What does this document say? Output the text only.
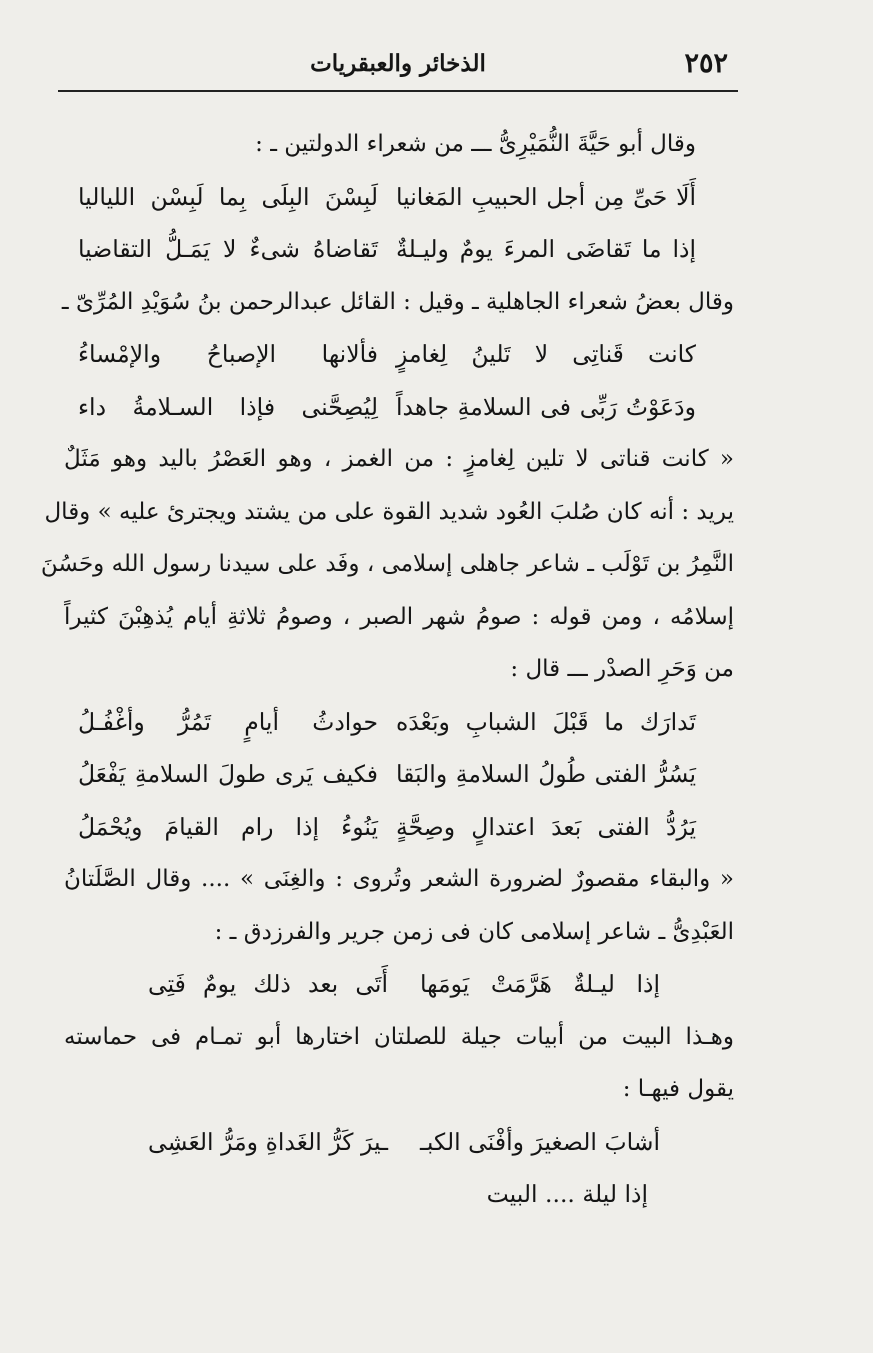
٢٥٢
الذخائر والعبقريات
وقال أبو حَيَّةَ النُّمَيْرِىُّ ـــ من شعراء الدولتين ـ :
أَلَا حَىِّ مِن أجل الحبيبِ المَغانيا
لَبِسْنَ البِلَى بِما لَبِسْن اللياليا
إذا ما تَقاضَى المرءَ يومٌ وليـلةٌ
تَقاضاهُ شىءٌ لا يَمَـلُّ التقاضيا
وقال بعضُ شعراء الجاهلية ـ وقيل : القائل عبدالرحمن بنُ سُوَيْدِ المُرِّىّ ـ
كانت قَناتِى لا تَلينُ لِغامزٍ
فألانها الإصباحُ والإمْساءُ
ودَعَوْتُ رَبِّى فى السلامةِ جاهداً
لِيُصِحَّنى فإذا السـلامةُ داء
« كانت قناتى لا تلين لِغامزٍ : من الغمز ، وهو العَصْرُ باليد وهو مَثَلٌ
يريد : أنه كان صُلبَ العُود شديد القوة على من يشتد ويجترئ عليه » وقال
النَّمِرُ بن تَوْلَب ـ شاعر جاهلى إسلامى ، وفَد على سيدنا رسول الله وحَسُنَ
إسلامُه ، ومن قوله : صومُ شهر الصبر ، وصومُ ثلاثةِ أيام يُذهِبْنَ كثيراً
من وَحَرِ الصدْر ـــ قال :
تَدارَك ما قَبْلَ الشبابِ وبَعْدَه
حوادثُ أيامٍ تَمُرُّ وأغْفُـلُ
يَسُرُّ الفتى طُولُ السلامةِ والبَقا
فكيف يَرى طولَ السلامةِ يَفْعَلُ
يَرُدُّ الفتى بَعدَ اعتدالٍ وصِحَّةٍ
يَنُوءُ إذا رام القيامَ ويُحْمَلُ
« والبقاء مقصورٌ لضرورة الشعر وتُروى : والغِنَى » .... وقال الصَّلَتانُ
العَبْدِىُّ ـ شاعر إسلامى كان فى زمن جرير والفرزدق ـ :
إذا ليـلةٌ هَرَّمَتْ يَومَها
أَتَى بعد ذلك يومٌ فَتِى
وهـذا البيت من أبيات جيلة للصلتان اختارها أبو تمـام فى حماسته
يقول فيهـا :
أشابَ الصغيرَ وأفْنَى الكبـ
ـيرَ كَرُّ الغَداةِ ومَرُّ العَشِى
إذا ليلة .... البيت
